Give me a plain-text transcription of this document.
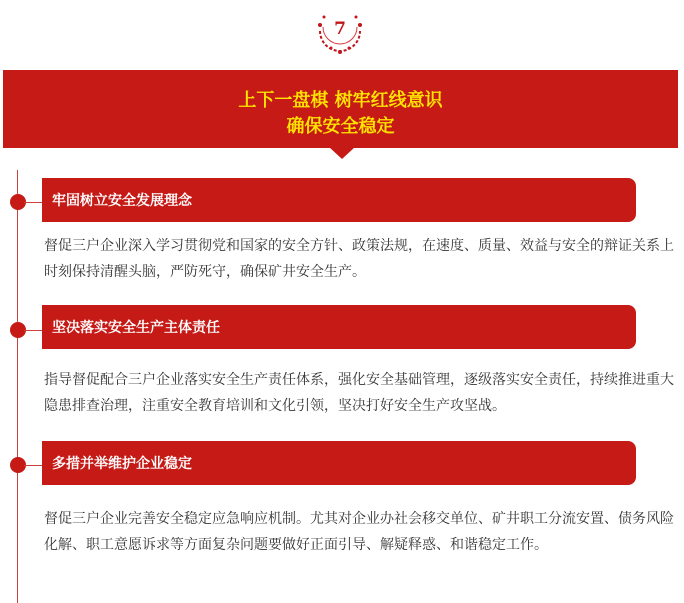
7
上下一盘棋 树牢红线意识
确保安全稳定
牢固树立安全发展理念
督促三户企业深入学习贯彻党和国家的安全方针、政策法规，在速度、质量、效益与安全的辩证关系上时刻保持清醒头脑，严防死守，确保矿井安全生产。
坚决落实安全生产主体责任
指导督促配合三户企业落实安全生产责任体系，强化安全基础管理，逐级落实安全责任，持续推进重大隐患排查治理，注重安全教育培训和文化引领，坚决打好安全生产攻坚战。
多措并举维护企业稳定
督促三户企业完善安全稳定应急响应机制。尤其对企业办社会移交单位、矿井职工分流安置、债务风险化解、职工意愿诉求等方面复杂问题要做好正面引导、解疑释惑、和谐稳定工作。
